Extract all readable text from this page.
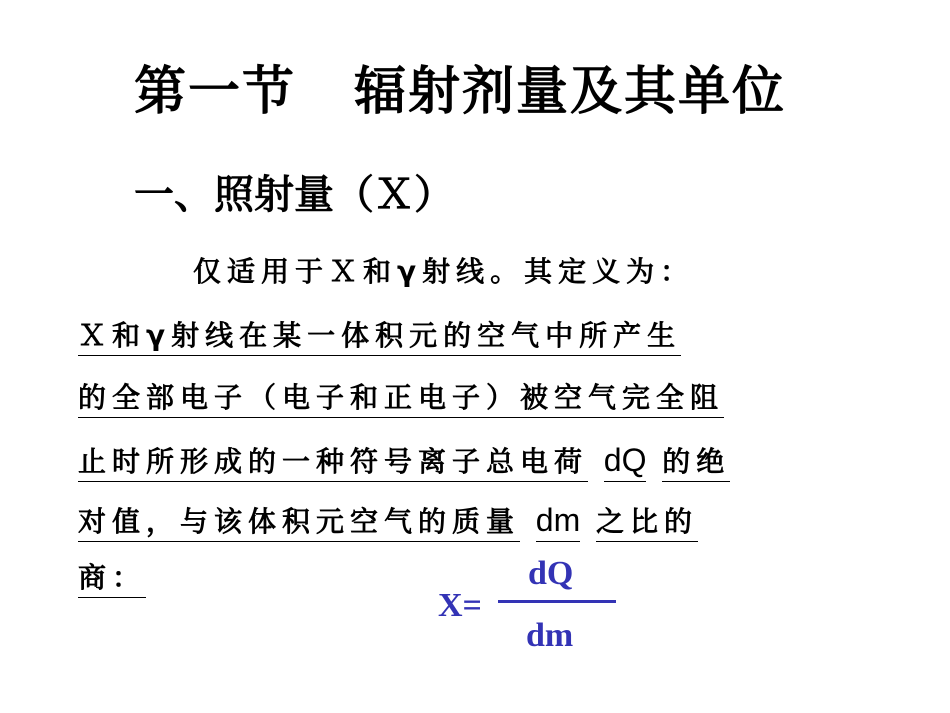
第一节 辐射剂量及其单位
一、照射量（Ｘ）
仅适用于Ｘ和γ射线。其定义为：
Ｘ和γ射线在某一体积元的空气中所产生
的全部电子（电子和正电子）被空气完全阻
止时所形成的一种符号离子总电荷 dQ 的绝
对值，与该体积元空气的质量 dm 之比的
商：
X=
dQ
dm
